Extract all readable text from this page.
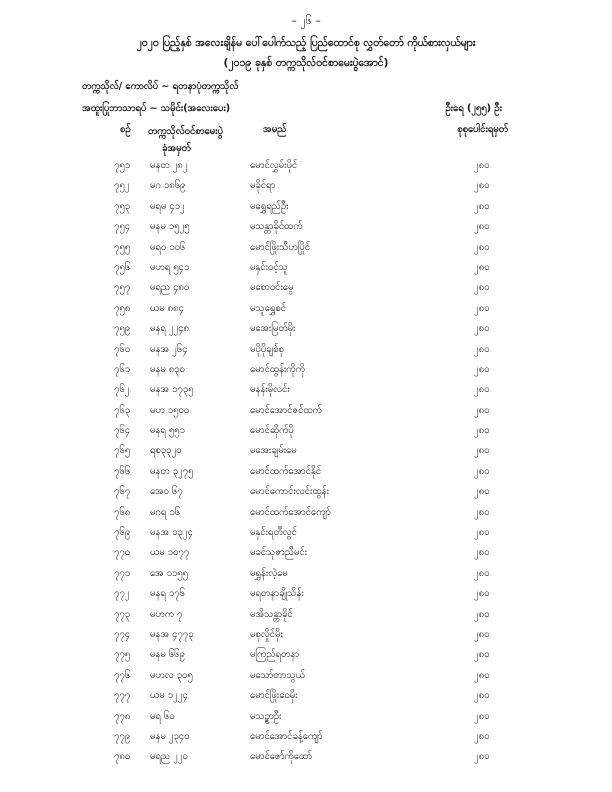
– ၂၆ –
၂၀၂၀ ပြည့်နှစ် အလေးချိန်မ ပေါ်ပေါက်သည့် ပြည်ထောင်စု လွှတ်တော် ကိုယ်စားလှယ်များ
(၂၀၁၉ ခုနှစ် တက္ကသိုလ်ဝင်စာမေးပွဲအောင်)
တက္ကသိုလ်/ ကောလိပ် ~ ရတနာပုံတက္ကသိုလ်
အထူးပြုဘာသာရပ် ~ သမိုင်း(အလေးပေး)	ဦးရေ (၂၅၅) ဦး
စဉ် တက္ကသိုလ်ဝင်စာမေးပွဲ
ခုံအမှတ်
အမည်	စုစုပေါင်းရမှတ်
၇၅၁ မနတ ၂၈၂	မောင်လွှမ်းပိုင်	၂၈၀
၇၅၂ မဂ ၁၈၆၉	မခိုင်ရာ	၂၈၀
၇၅၃ မရမ ၄၁၂	မရွှေရည်ဦး	၂၈၀
၇၅၄ မနမ ၁၅၂၅	မသန္တာခိုင်ထက်	၂၈၀
၇၅၅ မရ၀ ၁၀၆	မောင်ဖြိုးသီဟပြိုင်	၂၈၀
၇၅၆ မဟရ ၅၄၁	မနှင်းဝင့်သူ	၂၈၀
၇၅၇ မရည ၄၈၀	မစောဝင်းမွေ	၂၈၀
၇၅၈ ယမ ၈၈၄	မသူရွှေစင်	၂၈၀
၇၅၉ မနရ ၂၂၄၈	မအေးမြတ်မိုး	၂၈၀
၇၆၀ မနအ ၂၆၄	မပိုပိုချစ်စု	၂၈၀
၇၆၁ မနမ ၈၃၀	မောင်ထွန်းကိုကို	၂၈၀
၇၆၂ မနအ ၁၇၃၅	မနန်းမိုလင်း	၂၈၀
၇၆၃ မဟ ၁၅၀၀	မောင်အောင်ဇင်ထက်	၂၈၀
၇၆၄ မနရ ၅၅၁	မောင်ဆိုက်ပို	၂၈၀
၇၆၅ ရစ၃၃၂၀	မအေးချမ်းမေ	၂၈၀
၇၆၆ မနတ ၃၂၇၅	မောင်ထက်အောင်နိုင်	၂၈၀
၇၆၇ အေ၀ ၆၇	မောင်ကောင်းလင်းထွန်း	၂၈၀
၇၆၈ မဂရ ၁၆	မောင်ထက်အောင်ကျော်	၂၈၀
၇၆၉ မနအ ၁၃၂၄	မနှင်းရတီလွင်	၂၈၀
၇၇၀ ယမ ၁၀၇၇	မခင်သုဇာညီမင်း	၂၈၀
၇၇၁ အေ ၁၁၅၅	မရွှန်းလဲ့မေ	၂၈၀
၇၇၂ မနရ ၁၇၆	မရတနာချိုသိန်း	၂၈၀
၇၇၃ မဟက ၇	မအိသန္တာခိုင်	၂၈၀
၇၇၄ မနအ ၄၇၇၃	မစုလှိုင်မိုး	၂၈၀
၇၇၅ မနမ ၆၆၉	မကြည်ရတနာ	၂၈၀
၇၇၆ မဟလ ၃၀၅	မသော်တာသွယ်	၂၈၀
၇၇၇ ယမ ၁၂၂၄	မောင်ဖြိုးဝေမိုး	၂၈၀
၇၇၈ မရ ၆၀	မသဥ္စာဦး	၂၈၀
၇၇၉ မနမ ၂၃၄၀	မောင်အောင်ခန့်ကျော်	၂၈၀
၇၈၀ မရည ၂၂၀	မောင်ဇော်ကိုထော်	၂၈၀
